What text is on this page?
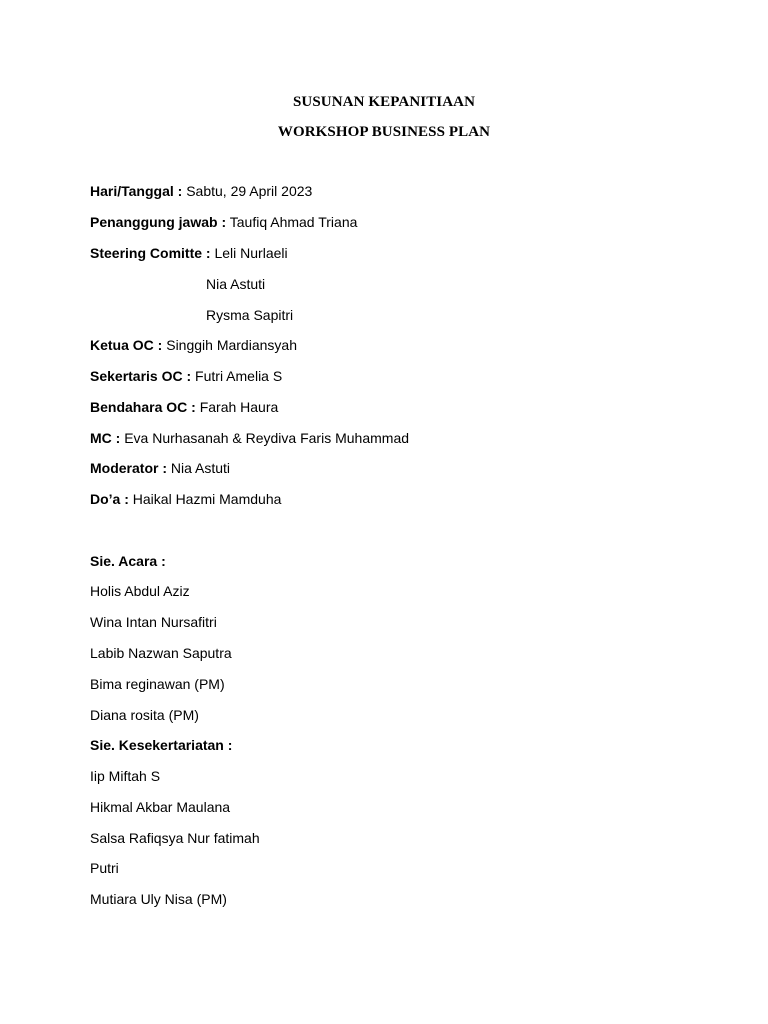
SUSUNAN KEPANITIAAN
WORKSHOP BUSINESS PLAN
Hari/Tanggal : Sabtu, 29 April 2023
Penanggung jawab : Taufiq Ahmad Triana
Steering Comitte : Leli Nurlaeli
Nia Astuti
Rysma Sapitri
Ketua OC : Singgih Mardiansyah
Sekertaris OC : Futri Amelia S
Bendahara OC : Farah Haura
MC : Eva Nurhasanah & Reydiva Faris Muhammad
Moderator : Nia Astuti
Do’a : Haikal Hazmi Mamduha
Sie. Acara :
Holis Abdul Aziz
Wina Intan Nursafitri
Labib Nazwan Saputra
Bima reginawan (PM)
Diana rosita (PM)
Sie. Kesekertariatan :
Iip Miftah S
Hikmal Akbar Maulana
Salsa Rafiqsya Nur fatimah
Putri
Mutiara Uly Nisa (PM)
